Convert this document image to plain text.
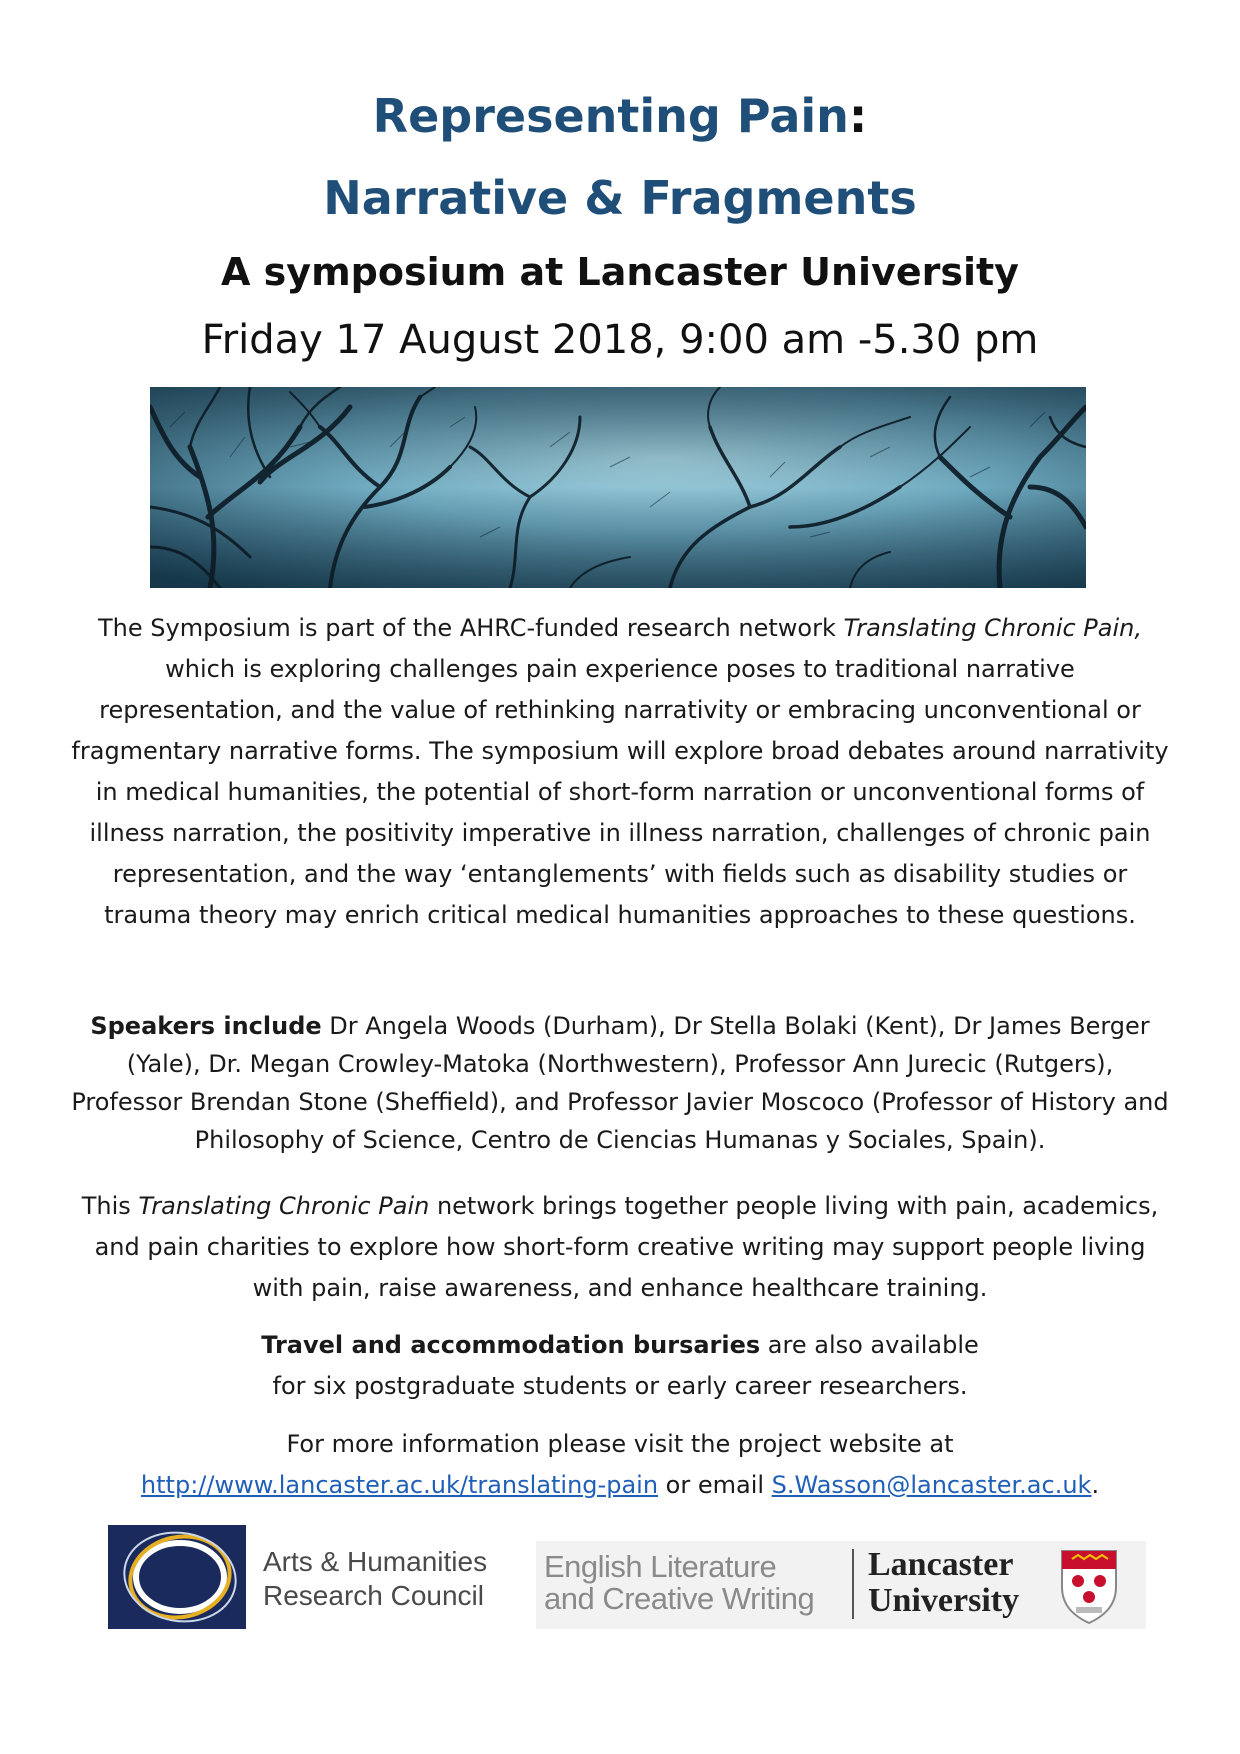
Representing Pain:
Narrative & Fragments
A symposium at Lancaster University

Friday 17 August 2018, 9:00 am -5.30 pm

The Symposium is part of the AHRC-funded research network Translating Chronic Pain, which is exploring challenges pain experience poses to traditional narrative representation, and the value of rethinking narrativity or embracing unconventional or fragmentary narrative forms. The symposium will explore broad debates around narrativity in medical humanities, the potential of short-form narration or unconventional forms of illness narration, the positivity imperative in illness narration, challenges of chronic pain representation, and the way ‘entanglements’ with fields such as disability studies or trauma theory may enrich critical medical humanities approaches to these questions.

Speakers include Dr Angela Woods (Durham), Dr Stella Bolaki (Kent), Dr James Berger (Yale), Dr. Megan Crowley-Matoka (Northwestern), Professor Ann Jurecic (Rutgers), Professor Brendan Stone (Sheffield), and Professor Javier Moscoco (Professor of History and Philosophy of Science, Centro de Ciencias Humanas y Sociales, Spain).

This Translating Chronic Pain network brings together people living with pain, academics, and pain charities to explore how short-form creative writing may support people living with pain, raise awareness, and enhance healthcare training.

Travel and accommodation bursaries are also available
for six postgraduate students or early career researchers.

For more information please visit the project website at
http://www.lancaster.ac.uk/translating-pain or email S.Wasson@lancaster.ac.uk.

Arts & Humanities
Research Council
English Literature
and Creative Writing
Lancaster
University
